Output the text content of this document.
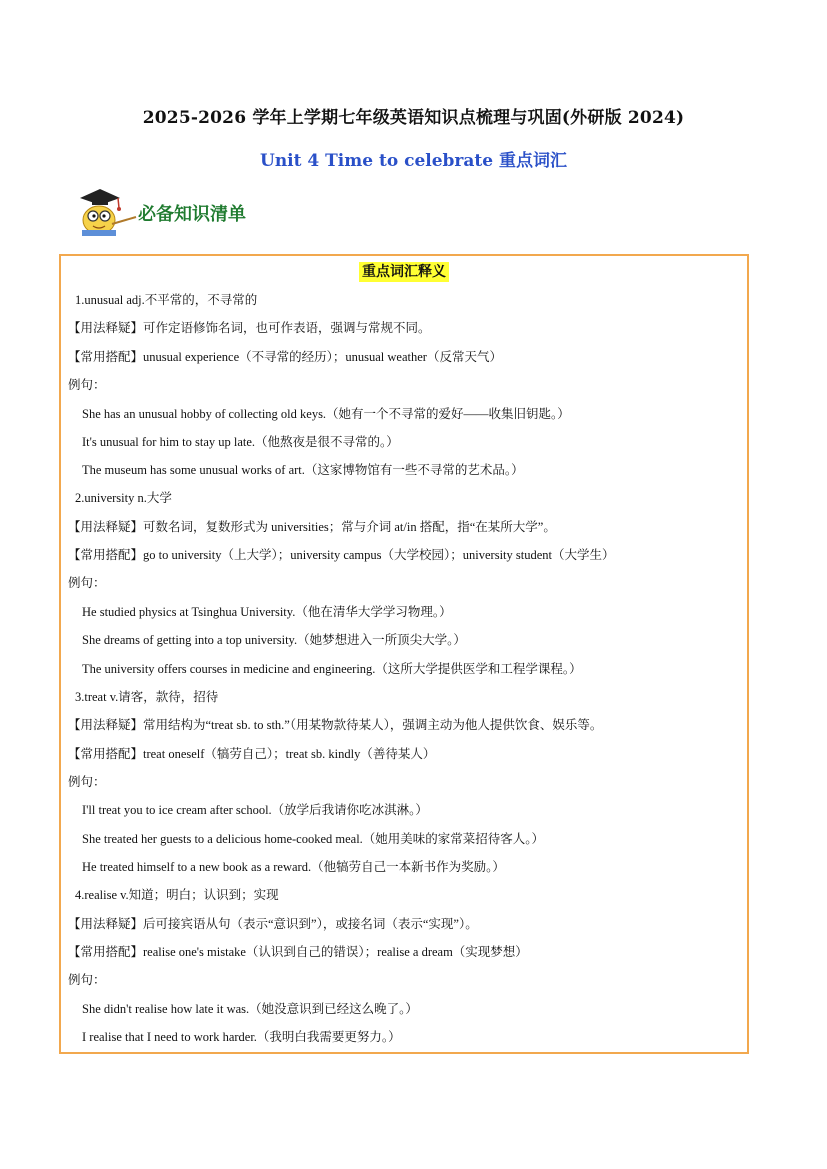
2025-2026 学年上学期七年级英语知识点梳理与巩固(外研版 2024)
Unit 4 Time to celebrate 重点词汇
必备知识清单
重点词汇释义
1.unusual adj.不平常的，不寻常的
【用法释疑】可作定语修饰名词，也可作表语，强调与常规不同。
【常用搭配】unusual experience（不寻常的经历）；unusual weather（反常天气）
例句：
She has an unusual hobby of collecting old keys.（她有一个不寻常的爱好——收集旧钥匙。）
It's unusual for him to stay up late.（他熬夜是很不寻常的。）
The museum has some unusual works of art.（这家博物馆有一些不寻常的艺术品。）
2.university n.大学
【用法释疑】可数名词，复数形式为 universities；常与介词 at/in 搭配，指“在某所大学”。
【常用搭配】go to university（上大学）；university campus（大学校园）；university student（大学生）
例句：
He studied physics at Tsinghua University.（他在清华大学学习物理。）
She dreams of getting into a top university.（她梦想进入一所顶尖大学。）
The university offers courses in medicine and engineering.（这所大学提供医学和工程学课程。）
3.treat v.请客，款待，招待
【用法释疑】常用结构为“treat sb. to sth.”（用某物款待某人），强调主动为他人提供饮食、娱乐等。
【常用搭配】treat oneself（犒劳自己）；treat sb. kindly（善待某人）
例句：
I'll treat you to ice cream after school.（放学后我请你吃冰淇淋。）
She treated her guests to a delicious home-cooked meal.（她用美味的家常菜招待客人。）
He treated himself to a new book as a reward.（他犒劳自己一本新书作为奖励。）
4.realise v.知道；明白；认识到；实现
【用法释疑】后可接宾语从句（表示“意识到”），或接名词（表示“实现”）。
【常用搭配】realise one's mistake（认识到自己的错误）；realise a dream（实现梦想）
例句：
She didn't realise how late it was.（她没意识到已经这么晚了。）
I realise that I need to work harder.（我明白我需要更努力。）
